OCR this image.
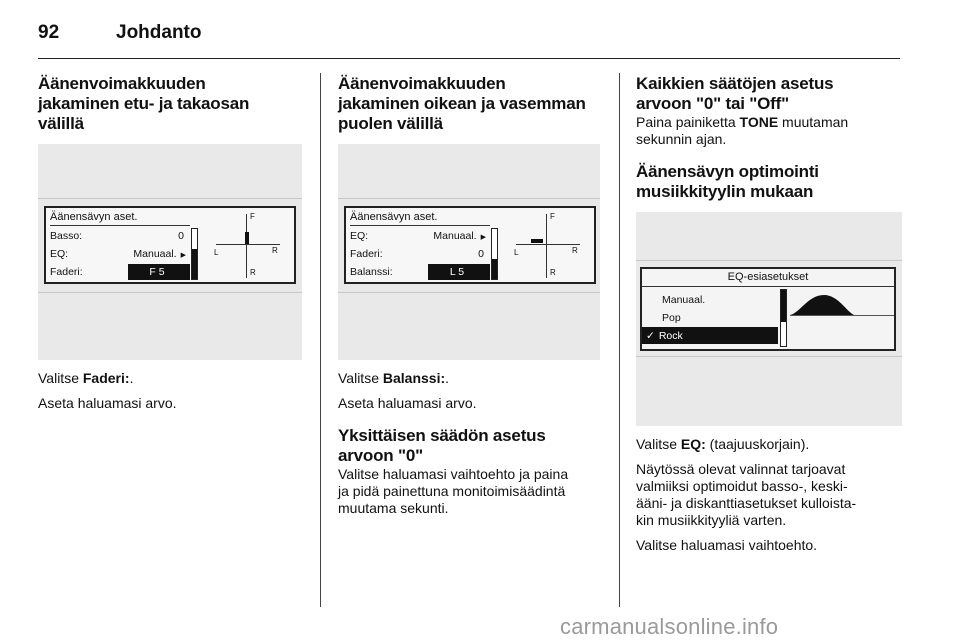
92	Johdanto
Äänenvoimakkuuden
jakaminen etu- ja takaosan
välillä
Äänensävyn aset.
Basso:	0
EQ:	Manuaal. ▶
Faderi:	F 5
F
R
L	R

Valitse Faderi:.

Aseta haluamasi arvo.

Äänenvoimakkuuden
jakaminen oikean ja vasemman
puolen välillä
Äänensävyn aset.
EQ:	Manuaal. ▶
Faderi:	0
Balanssi:	L 5
F
R
L	R

Valitse Balanssi:.

Aseta haluamasi arvo.

Yksittäisen säädön asetus
arvoon "0"

Valitse haluamasi vaihtoehto ja paina
ja pidä painettuna monitoimisäädintä
muutama sekunti.

Kaikkien säätöjen asetus
arvoon "0" tai "Off"

Paina painiketta TONE muutaman
sekunnin ajan.

Äänensävyn optimointi
musiikkityylin mukaan
EQ-esiasetukset
Manuaal.
Pop
✓ Rock

Valitse EQ: (taajuuskorjain).

Näytössä olevat valinnat tarjoavat
valmiiksi optimoidut basso-, keski-
ääni- ja diskanttiasetukset kulloista-
kin musiikkityyliä varten.

Valitse haluamasi vaihtoehto.

carmanualsonline.info
